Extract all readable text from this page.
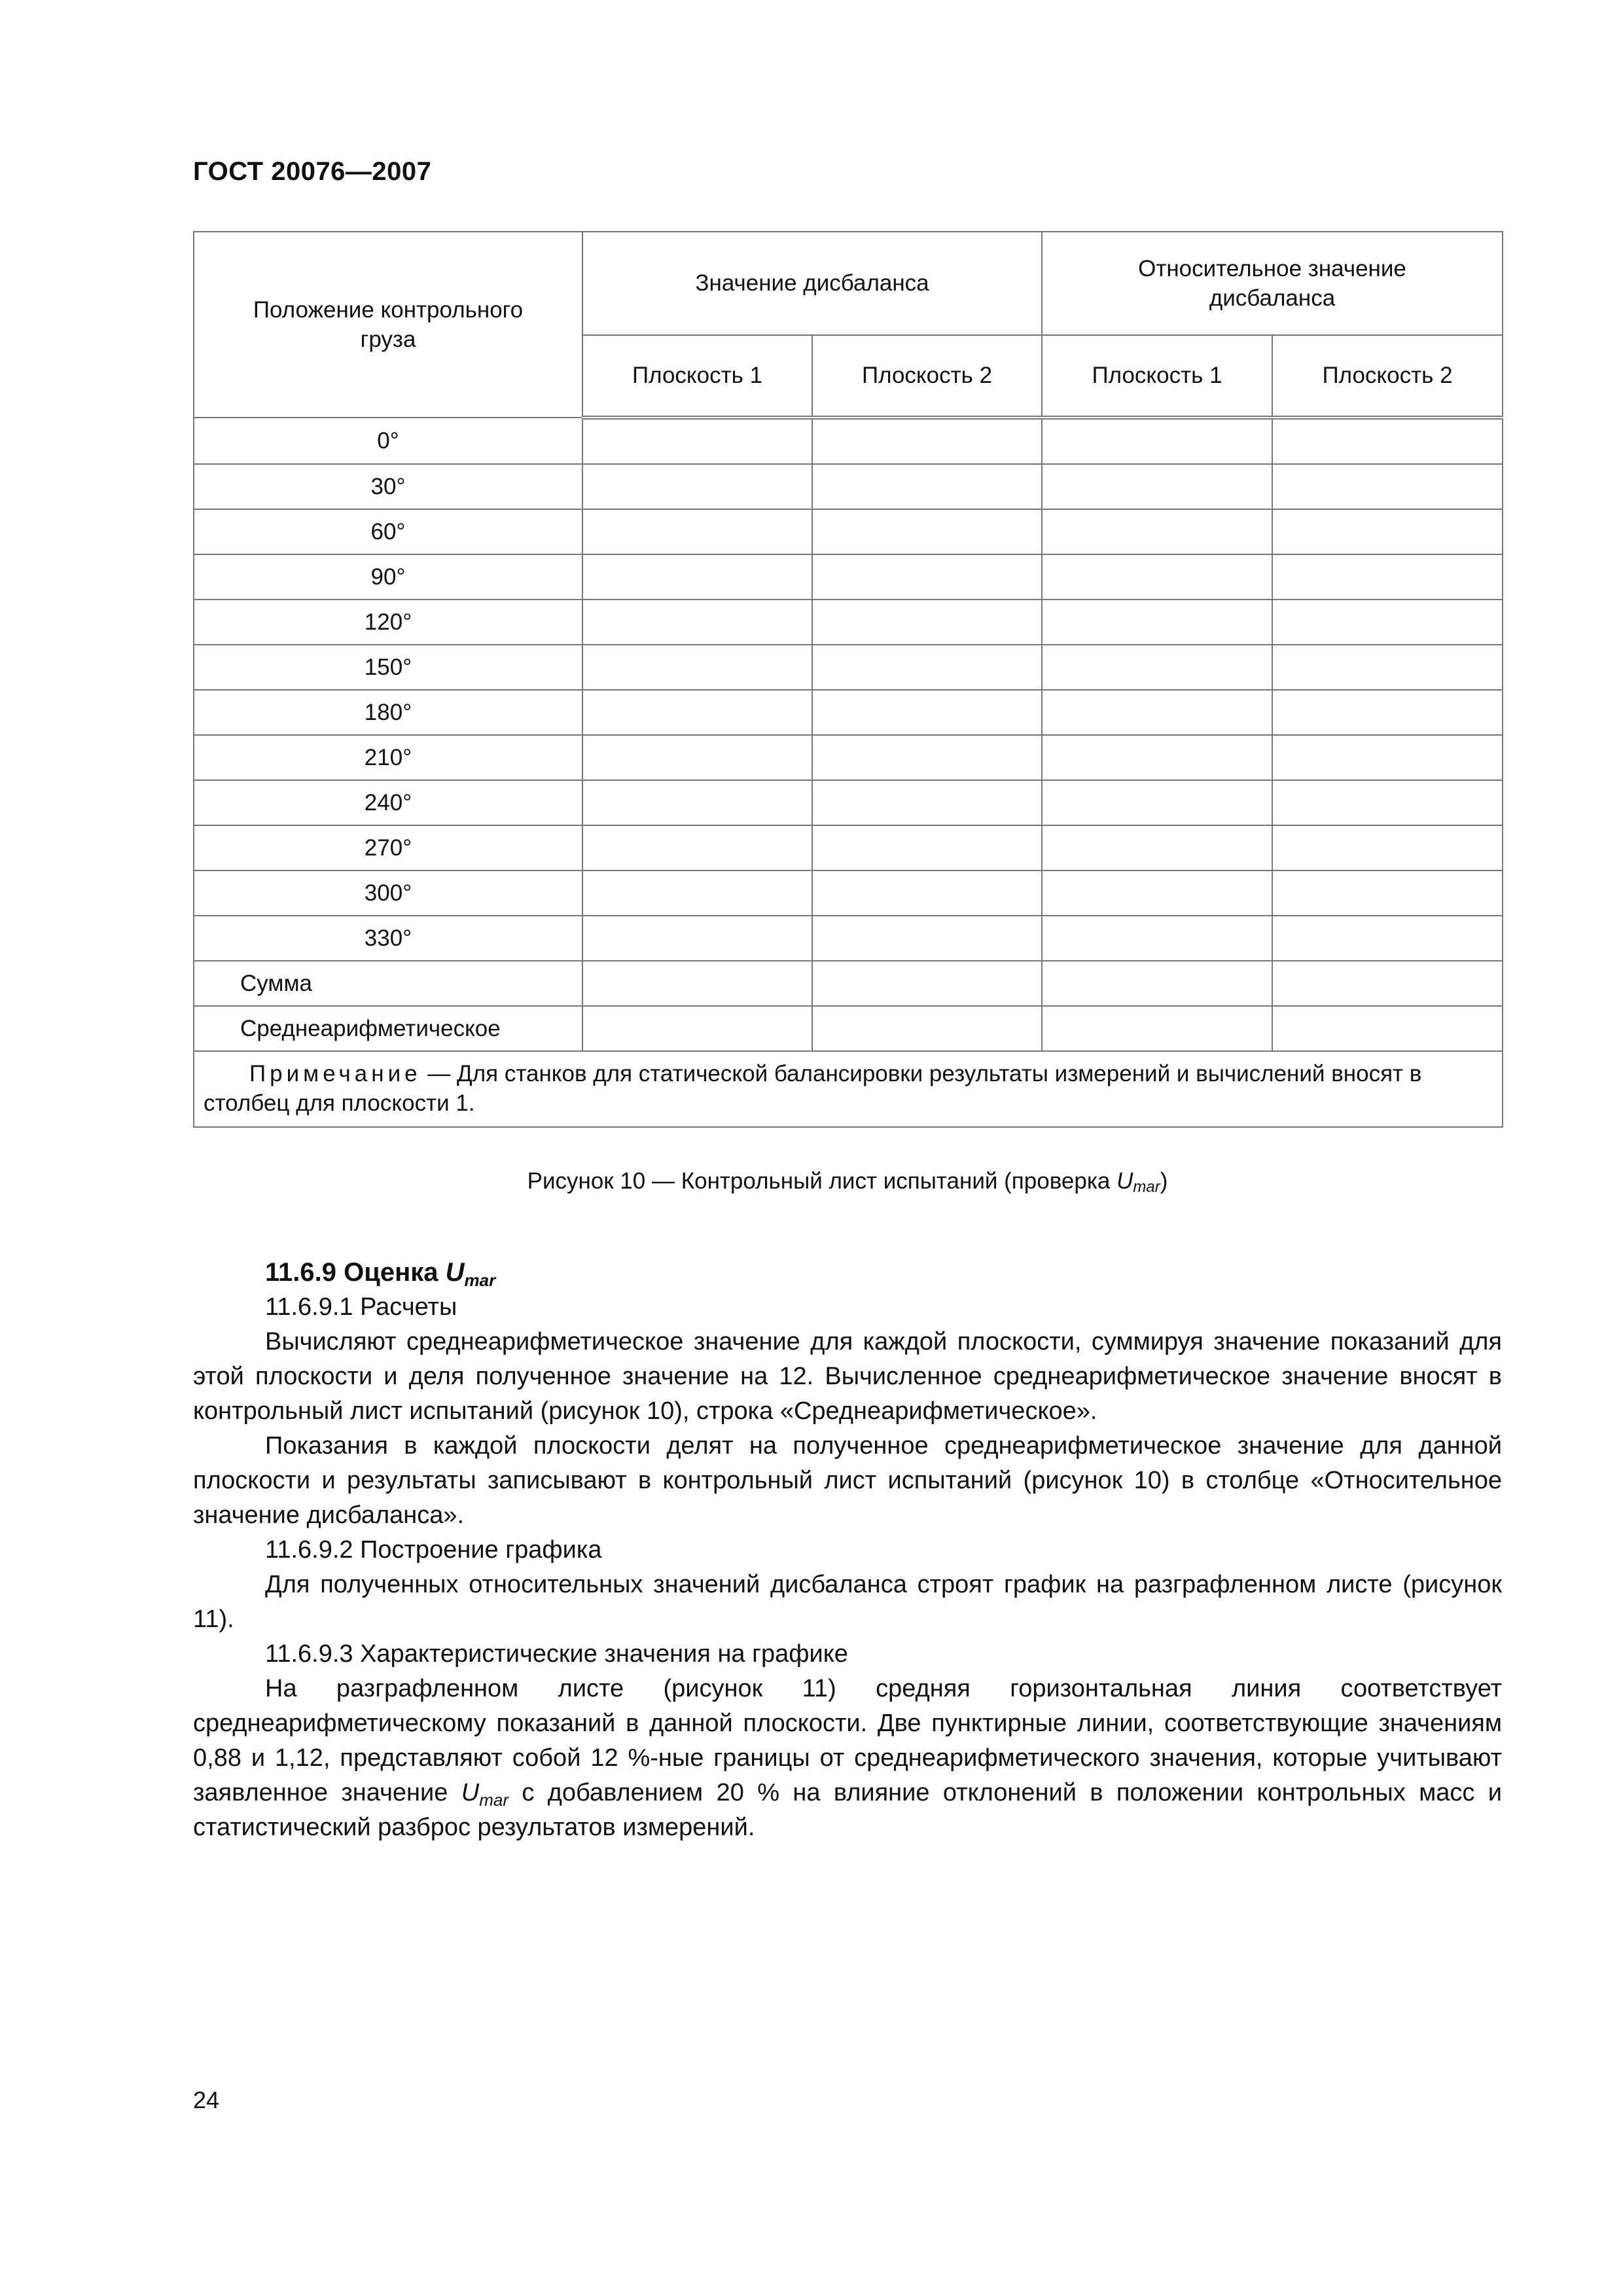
ГОСТ 20076—2007
Положение контрольного груза	Значение дисбаланса		Относительное значение дисбаланса	
	Плоскость 1	Плоскость 2	Плоскость 1	Плоскость 2
0°				
30°				
60°				
90°				
120°				
150°				
180°				
210°				
240°				
270°				
300°				
330°				
Сумма				
Среднеарифметическое				
Примечание — Для станков для статической балансировки результаты измерений и вычислений вносят в столбец для плоскости 1.				
Рисунок 10 — Контрольный лист испытаний (проверка Umar)

11.6.9 Оценка $U_{mar}$

11.6.9.1 Расчеты

Вычисляют среднеарифметическое значение для каждой плоскости, суммируя значение показаний для этой плоскости и деля полученное значение на 12. Вычисленное среднеарифметическое значение вносят в контрольный лист испытаний (рисунок 10), строка «Среднеарифметическое».

Показания в каждой плоскости делят на полученное среднеарифметическое значение для данной плоскости и результаты записывают в контрольный лист испытаний (рисунок 10) в столбце «Относительное значение дисбаланса».

11.6.9.2 Построение графика

Для полученных относительных значений дисбаланса строят график на разграфленном листе (рисунок 11).

11.6.9.3 Характеристические значения на графике

На разграфленном листе (рисунок 11) средняя горизонтальная линия соответствует среднеарифметическому показаний в данной плоскости. Две пунктирные линии, соответствующие значениям 0,88 и 1,12, представляют собой 12 %-ные границы от среднеарифметического значения, которые учитывают заявленное значение $U_{mar}$ с добавлением 20 % на влияние отклонений в положении контрольных масс и статистический разброс результатов измерений.

24
